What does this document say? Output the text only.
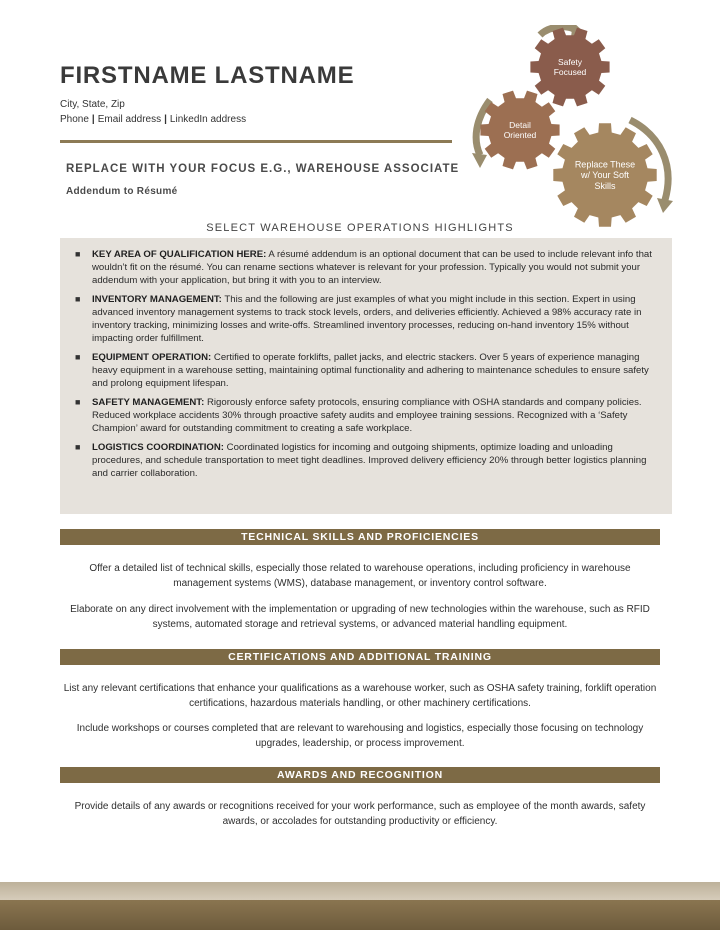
FIRSTNAME LASTNAME
City, State, Zip
Phone | Email address | LinkedIn address
REPLACE WITH YOUR FOCUS E.G., WAREHOUSE ASSOCIATE
Addendum to Résumé
Safety Focused
Detail Oriented
Replace These w/ Your Soft Skills
SELECT WAREHOUSE OPERATIONS HIGHLIGHTS
■ KEY AREA OF QUALIFICATION HERE: A résumé addendum is an optional document that can be used to include relevant info that wouldn’t fit on the résumé. You can rename sections whatever is relevant for your profession. Typically you would not submit your addendum with your application, but bring it with you to an interview.
■ INVENTORY MANAGEMENT: This and the following are just examples of what you might include in this section. Expert in using advanced inventory management systems to track stock levels, orders, and deliveries efficiently. Achieved a 98% accuracy rate in inventory tracking, minimizing losses and write-offs. Streamlined inventory processes, reducing on-hand inventory 15% without impacting order fulfillment.
■ EQUIPMENT OPERATION: Certified to operate forklifts, pallet jacks, and electric stackers. Over 5 years of experience managing heavy equipment in a warehouse setting, maintaining optimal functionality and adhering to maintenance schedules to ensure safety and prolong equipment lifespan.
■ SAFETY MANAGEMENT: Rigorously enforce safety protocols, ensuring compliance with OSHA standards and company policies. Reduced workplace accidents 30% through proactive safety audits and employee training sessions. Recognized with a ‘Safety Champion’ award for outstanding commitment to creating a safe workplace.
■ LOGISTICS COORDINATION: Coordinated logistics for incoming and outgoing shipments, optimize loading and unloading procedures, and schedule transportation to meet tight deadlines. Improved delivery efficiency 20% through better logistics planning and carrier collaboration.
TECHNICAL SKILLS AND PROFICIENCIES
Offer a detailed list of technical skills, especially those related to warehouse operations, including proficiency in warehouse management systems (WMS), database management, or inventory control software.
Elaborate on any direct involvement with the implementation or upgrading of new technologies within the warehouse, such as RFID systems, automated storage and retrieval systems, or advanced material handling equipment.
CERTIFICATIONS AND ADDITIONAL TRAINING
List any relevant certifications that enhance your qualifications as a warehouse worker, such as OSHA safety training, forklift operation certifications, hazardous materials handling, or other machinery certifications.
Include workshops or courses completed that are relevant to warehousing and logistics, especially those focusing on technology upgrades, leadership, or process improvement.
AWARDS AND RECOGNITION
Provide details of any awards or recognitions received for your work performance, such as employee of the month awards, safety awards, or accolades for outstanding productivity or efficiency.
